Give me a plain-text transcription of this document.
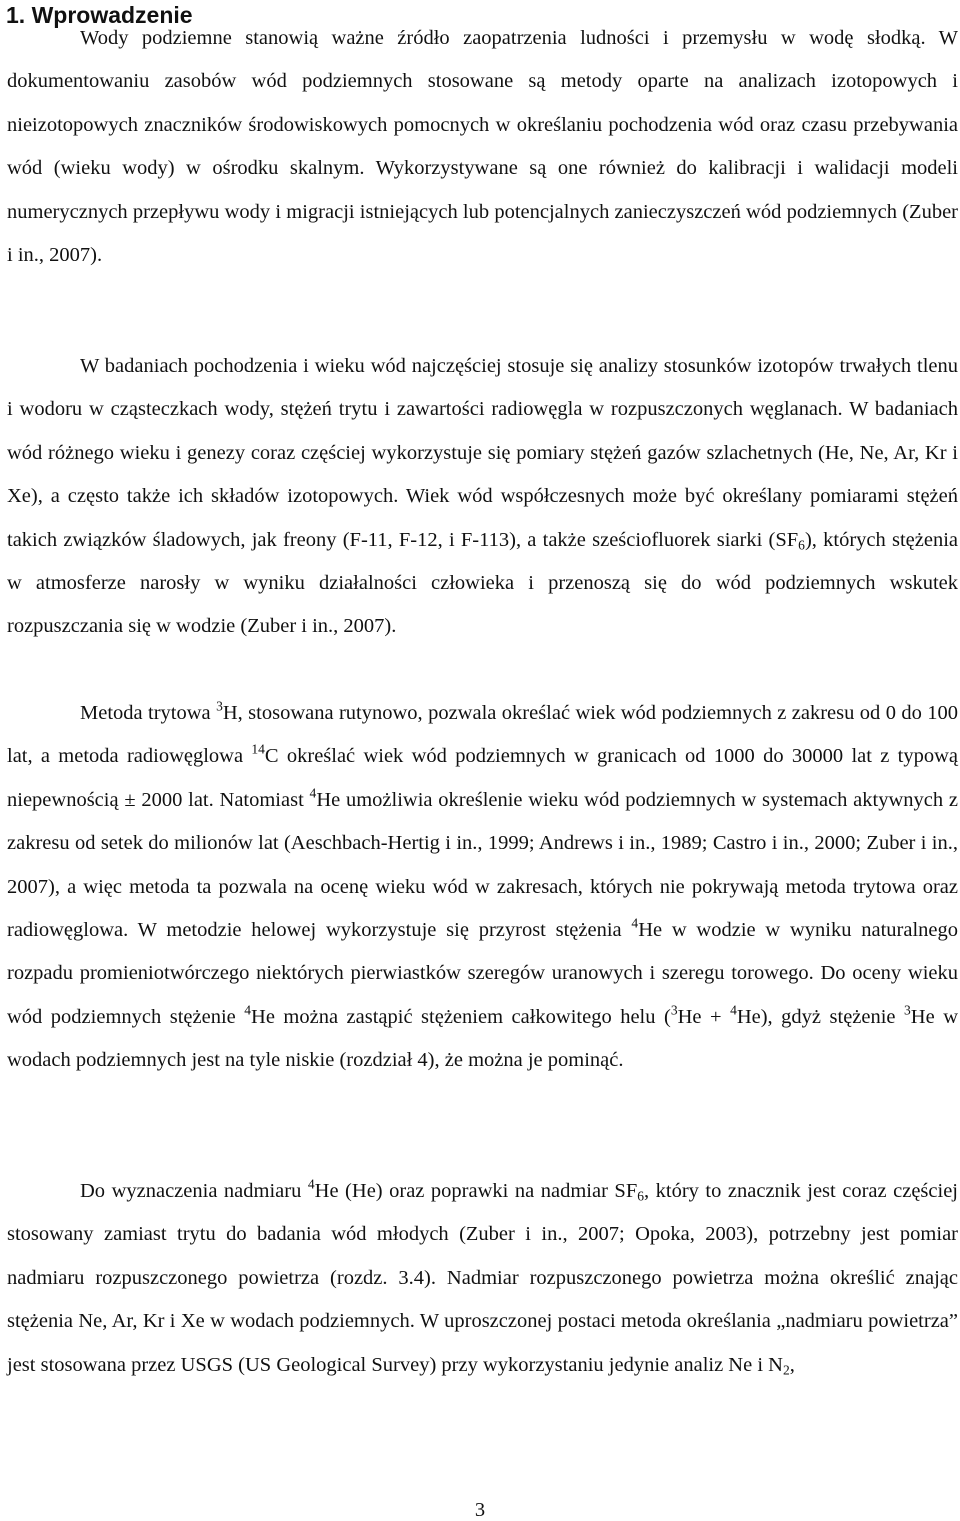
1. Wprowadzenie

Wody podziemne stanowią ważne źródło zaopatrzenia ludności i przemysłu w wodę słodką. W dokumentowaniu zasobów wód podziemnych stosowane są metody oparte na analizach izotopowych i nieizotopowych znaczników środowiskowych pomocnych w określaniu pochodzenia wód oraz czasu przebywania wód (wieku wody) w ośrodku skalnym. Wykorzystywane są one również do kalibracji i walidacji modeli numerycznych przepływu wody i migracji istniejących lub potencjalnych zanieczyszczeń wód podziemnych (Zuber i in., 2007).

W badaniach pochodzenia i wieku wód najczęściej stosuje się analizy stosunków izotopów trwałych tlenu i wodoru w cząsteczkach wody, stężeń trytu i zawartości radiowęgla w rozpuszczonych węglanach. W badaniach wód różnego wieku i genezy coraz częściej wykorzystuje się pomiary stężeń gazów szlachetnych (He, Ne, Ar, Kr i Xe), a często także ich składów izotopowych. Wiek wód współczesnych może być określany pomiarami stężeń takich związków śladowych, jak freony (F-11, F-12, i F-113), a także sześciofluorek siarki $(SF_6)$, których stężenia w atmosferze narosły w wyniku działalności człowieka i przenoszą się do wód podziemnych wskutek rozpuszczania się w wodzie (Zuber i in., 2007).

Metoda trytowa $^3$H, stosowana rutynowo, pozwala określać wiek wód podziemnych z zakresu od 0 do 100 lat, a metoda radiowęglowa $^{14}$C określać wiek wód podziemnych w granicach od 1000 do 30000 lat z typową niepewnością ± 2000 lat. Natomiast $^4$He umożliwia określenie wieku wód podziemnych w systemach aktywnych z zakresu od setek do milionów lat (Aeschbach-Hertig i in., 1999; Andrews i in., 1989; Castro i in., 2000; Zuber i in., 2007), a więc metoda ta pozwala na ocenę wieku wód w zakresach, których nie pokrywają metoda trytowa oraz radiowęglowa. W metodzie helowej wykorzystuje się przyrost stężenia $^4$He w wodzie w wyniku naturalnego rozpadu promieniotwórczego niektórych pierwiastków szeregów uranowych i szeregu torowego. Do oceny wieku wód podziemnych stężenie $^4$He można zastąpić stężeniem całkowitego helu ($^3$He + $^4$He), gdyż stężenie $^3$He w wodach podziemnych jest na tyle niskie (rozdział 4), że można je pominąć.

Do wyznaczenia nadmiaru $^4$He (He) oraz poprawki na nadmiar $SF_6$, który to znacznik jest coraz częściej stosowany zamiast trytu do badania wód młodych (Zuber i in., 2007; Opoka, 2003), potrzebny jest pomiar nadmiaru rozpuszczonego powietrza (rozdz. 3.4). Nadmiar rozpuszczonego powietrza można określić znając stężenia Ne, Ar, Kr i Xe w wodach podziemnych. W uproszczonej postaci metoda określania „nadmiaru powietrza” jest stosowana przez USGS (US Geological Survey) przy wykorzystaniu jedynie analiz Ne i $N_2$,

3
